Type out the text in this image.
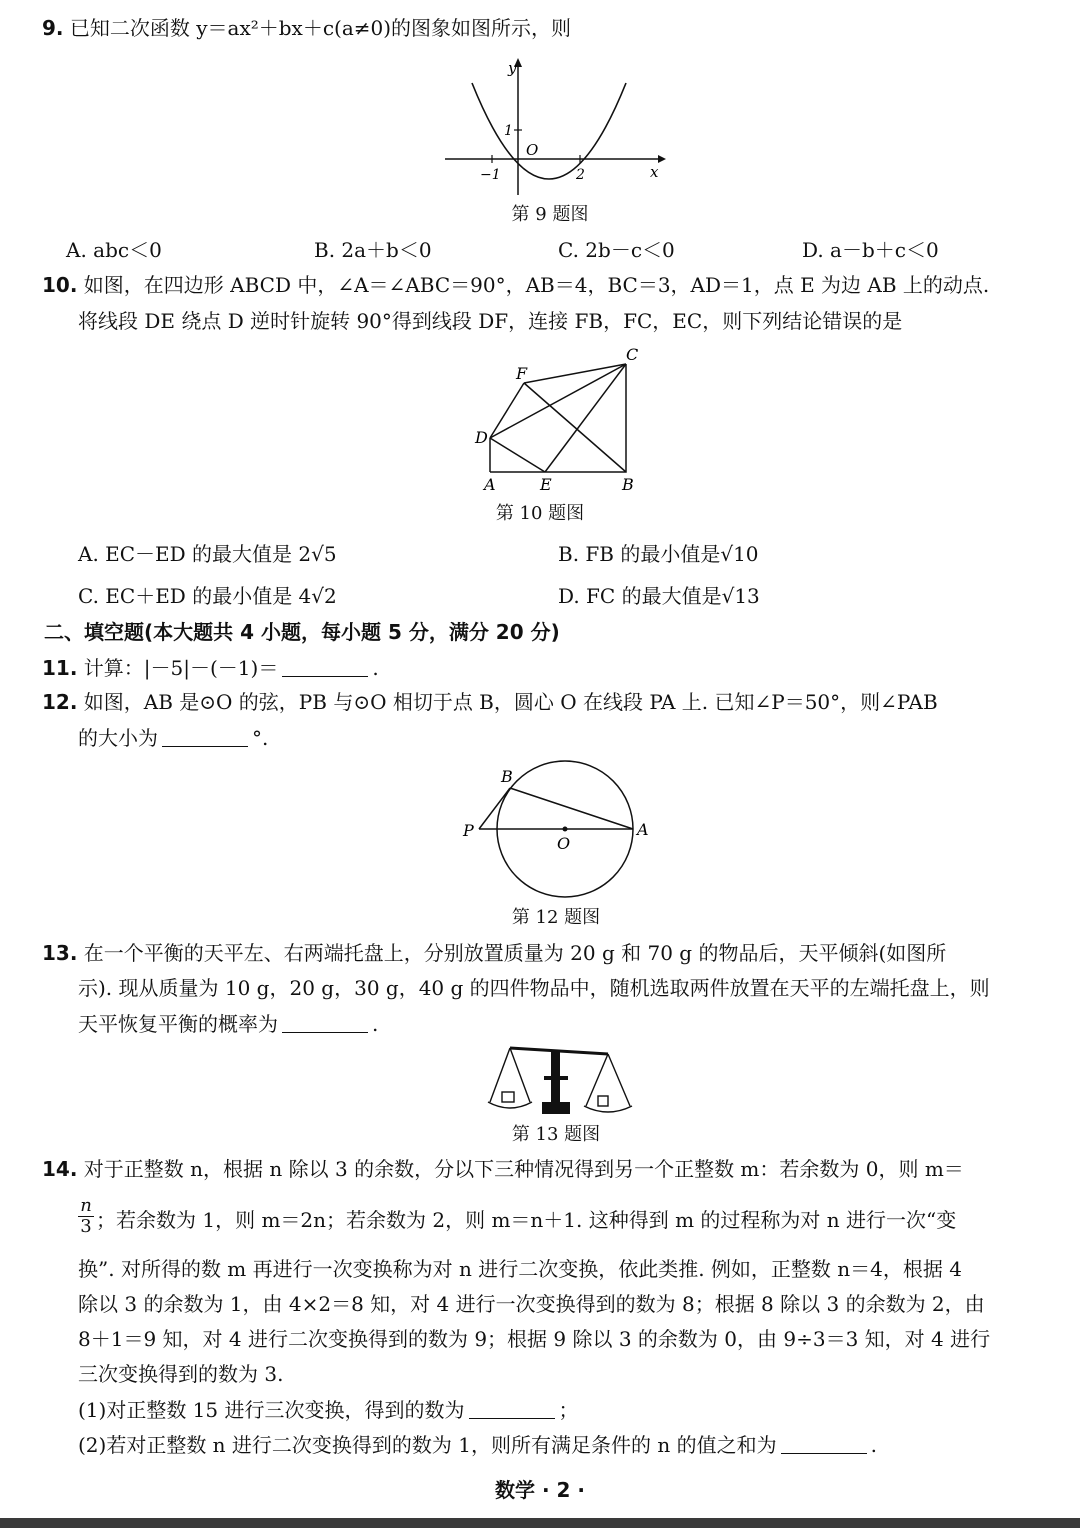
9. 已知二次函数 y＝ax²＋bx＋c(a≠0)的图象如图所示，则
y
x
O
1
−1	2
第 9 题图
A. abc＜0	B. 2a＋b＜0	C. 2b－c＜0	D. a－b＋c＜0
10. 如图，在四边形 ABCD 中，∠A＝∠ABC＝90°，AB＝4，BC＝3，AD＝1，点 E 为边 AB 上的动点.
将线段 DE 绕点 D 逆时针旋转 90°得到线段 DF，连接 FB，FC，EC，则下列结论错误的是
A	B
C
D
E
F
第 10 题图
A. EC－ED 的最大值是 2√5	B. FB 的最小值是√10
C. EC＋ED 的最小值是 4√2	D. FC 的最大值是√13
二、填空题(本大题共 4 小题，每小题 5 分，满分 20 分)
11. 计算：|－5|－(－1)＝	.
12. 如图，AB 是⊙O 的弦，PB 与⊙O 相切于点 B，圆心 O 在线段 PA 上. 已知∠P＝50°，则∠PAB
的大小为	°.
B
P	A
O
第 12 题图
13. 在一个平衡的天平左、右两端托盘上，分别放置质量为 20 g 和 70 g 的物品后，天平倾斜(如图所
示). 现从质量为 10 g，20 g，30 g，40 g 的四件物品中，随机选取两件放置在天平的左端托盘上，则
天平恢复平衡的概率为	.
第 13 题图
14. 对于正整数 n，根据 n 除以 3 的余数，分以下三种情况得到另一个正整数 m：若余数为 0，则 m＝
$\frac{n}{3}$ ；若余数为 1，则 m＝2n；若余数为 2，则 m＝n＋1. 这种得到 m 的过程称为对 n 进行一次“变
换”. 对所得的数 m 再进行一次变换称为对 n 进行二次变换，依此类推. 例如，正整数 n＝4，根据 4
除以 3 的余数为 1，由 4×2＝8 知，对 4 进行一次变换得到的数为 8；根据 8 除以 3 的余数为 2，由
8＋1＝9 知，对 4 进行二次变换得到的数为 9；根据 9 除以 3 的余数为 0，由 9÷3＝3 知，对 4 进行
三次变换得到的数为 3.
(1)对正整数 15 进行三次变换，得到的数为	；
(2)若对正整数 n 进行二次变换得到的数为 1，则所有满足条件的 n 的值之和为	.
数学 · 2 ·
